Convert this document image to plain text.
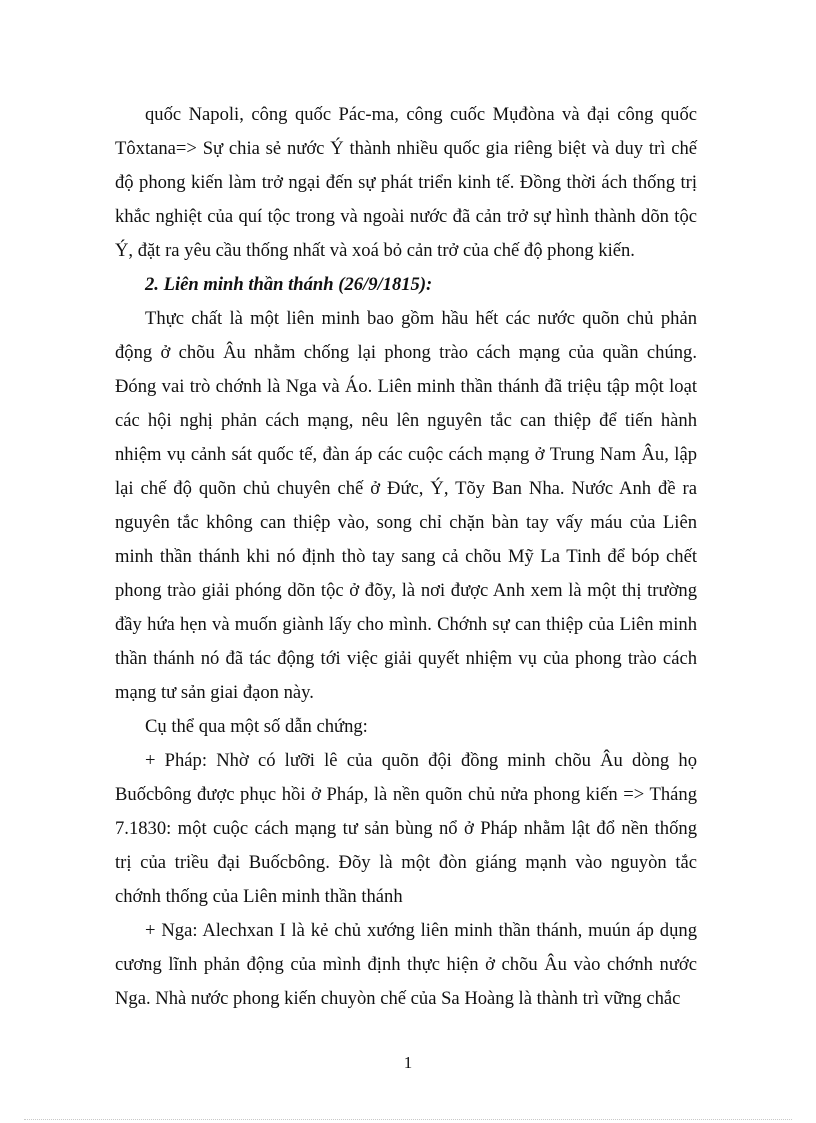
quốc Napoli, công quốc Pác-ma, công cuốc Mụđòna và đại công quốc
Tôxtana=> Sự chia sẻ nước Ý thành nhiều quốc gia riêng biệt và duy trì chế
độ phong kiến làm trở ngại đến sự phát triển kinh tế. Đồng thời ách thống trị
khắc nghiệt của quí tộc trong và ngoài nước đã cản trở sự hình thành dõn tộc
Ý, đặt ra yêu cầu thống nhất và xoá bỏ cản trở của chế độ phong kiến.
2. Liên minh thần thánh (26/9/1815):
Thực chất là một liên minh bao gồm hầu hết các nước quõn chủ phản
động ở chõu Âu nhằm chống lại phong trào cách mạng của quần chúng.
Đóng vai trò chớnh là Nga và Áo. Liên minh thần thánh đã triệu tập một loạt
các hội nghị phản cách mạng, nêu lên nguyên tắc can thiệp để tiến hành
nhiệm vụ cảnh sát quốc tế, đàn áp các cuộc cách mạng ở Trung Nam Âu, lập
lại chế độ quõn chủ chuyên chế ở Đức, Ý, Tõy Ban Nha. Nước Anh đề ra
nguyên tắc không can thiệp vào, song chỉ chặn bàn tay vấy máu của Liên
minh thần thánh khi nó định thò tay sang cả chõu Mỹ La Tinh để bóp chết
phong trào giải phóng dõn tộc ở đõy, là nơi được Anh xem là một thị trường
đầy hứa hẹn và muốn giành lấy cho mình. Chớnh sự can thiệp của Liên minh
thần thánh nó đã tác động tới việc giải quyết nhiệm vụ của phong trào cách
mạng tư sản giai đạon này.
Cụ thể qua một số dẫn chứng:
+ Pháp: Nhờ có lưỡi lê của quõn đội đồng minh chõu Âu dòng họ
Buốcbông được phục hồi ở Pháp, là nền quõn chủ nửa phong kiến => Tháng
7.1830: một cuộc cách mạng tư sản bùng nổ ở Pháp nhằm lật đổ nền thống
trị của triều đại Buốcbông. Đõy là một đòn giáng mạnh vào nguyòn tắc
chớnh thống của Liên minh thần thánh
+ Nga: Alechxan I là kẻ chủ xướng liên minh thần thánh, muún áp dụng
cương lĩnh phản động của mình định thực hiện ở chõu Âu vào chớnh nước
Nga. Nhà nước phong kiến chuyòn chế của Sa Hoàng là thành trì vững chắc
1
